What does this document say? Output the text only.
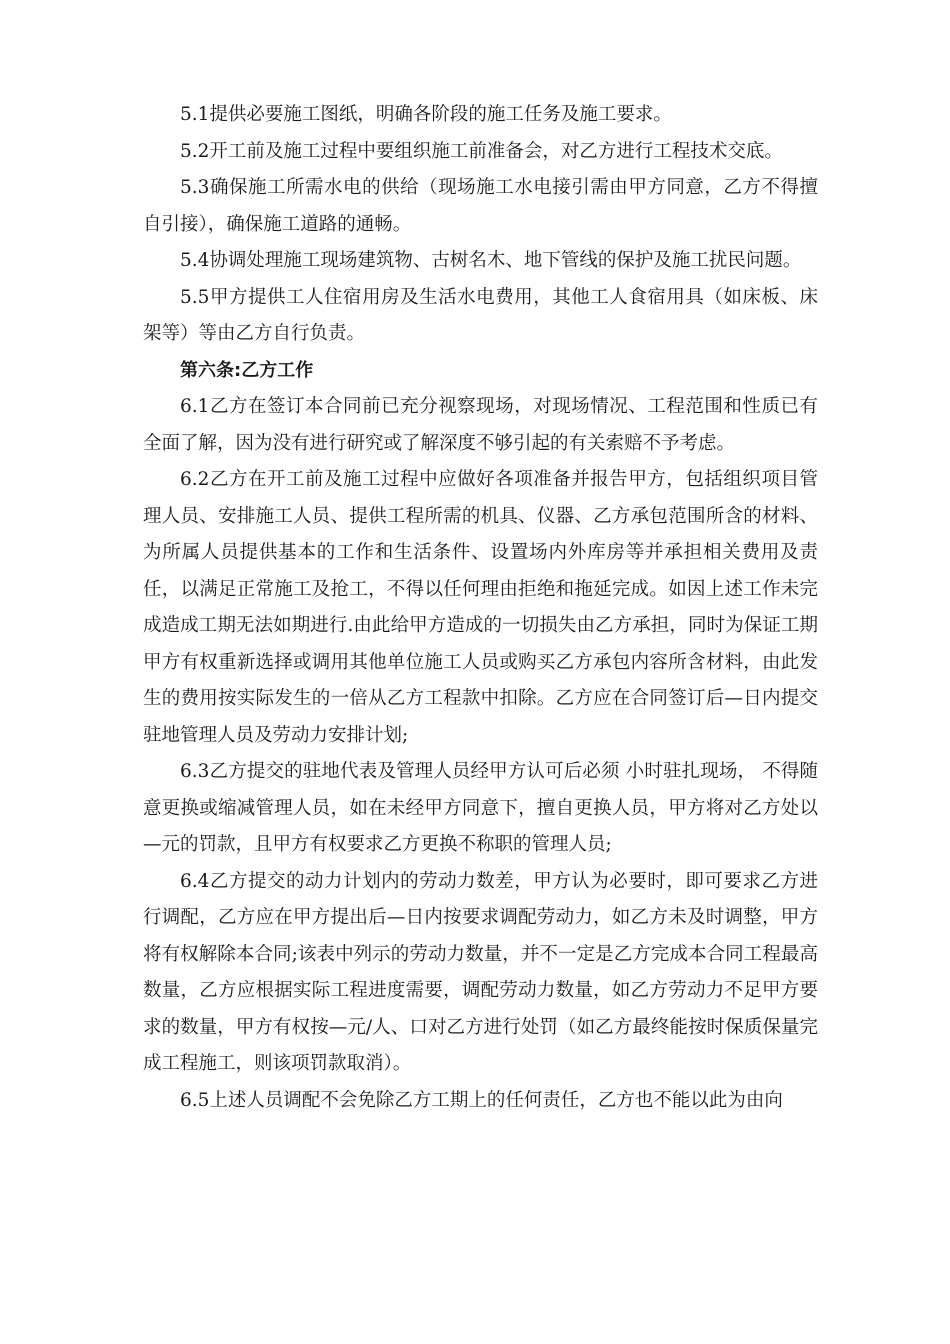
5.1提供必要施工图纸，明确各阶段的施工任务及施工要求。

5.2开工前及施工过程中要组织施工前准备会，对乙方进行工程技术交底。

5.3确保施工所需水电的供给（现场施工水电接引需由甲方同意，乙方不得擅自引接），确保施工道路的通畅。

5.4协调处理施工现场建筑物、古树名木、地下管线的保护及施工扰民问题。

5.5甲方提供工人住宿用房及生活水电费用，其他工人食宿用具（如床板、床架等）等由乙方自行负责。

第六条:乙方工作

6.1乙方在签订本合同前已充分视察现场，对现场情况、工程范围和性质已有全面了解，因为没有进行研究或了解深度不够引起的有关索赔不予考虑。

6.2乙方在开工前及施工过程中应做好各项准备并报告甲方，包括组织项目管理人员、安排施工人员、提供工程所需的机具、仪器、乙方承包范围所含的材料、为所属人员提供基本的工作和生活条件、设置场内外库房等并承担相关费用及责任，以满足正常施工及抢工，不得以任何理由拒绝和拖延完成。如因上述工作未完成造成工期无法如期进行.由此给甲方造成的一切损失由乙方承担，同时为保证工期甲方有权重新选择或调用其他单位施工人员或购买乙方承包内容所含材料，由此发生的费用按实际发生的一倍从乙方工程款中扣除。乙方应在合同签订后—日内提交驻地管理人员及劳动力安排计划;

6.3乙方提交的驻地代表及管理人员经甲方认可后必须 小时驻扎现场， 不得随意更换或缩减管理人员，如在未经甲方同意下，擅自更换人员，甲方将对乙方处以—元的罚款，且甲方有权要求乙方更换不称职的管理人员;

6.4乙方提交的动力计划内的劳动力数差，甲方认为必要时，即可要求乙方进行调配，乙方应在甲方提出后—日内按要求调配劳动力，如乙方未及时调整，甲方将有权解除本合同;该表中列示的劳动力数量，并不一定是乙方完成本合同工程最高数量，乙方应根据实际工程进度需要，调配劳动力数量，如乙方劳动力不足甲方要求的数量，甲方有权按—元/人、口对乙方进行处罚（如乙方最终能按时保质保量完成工程施工，则该项罚款取消）。

6.5上述人员调配不会免除乙方工期上的任何责任，乙方也不能以此为由向
